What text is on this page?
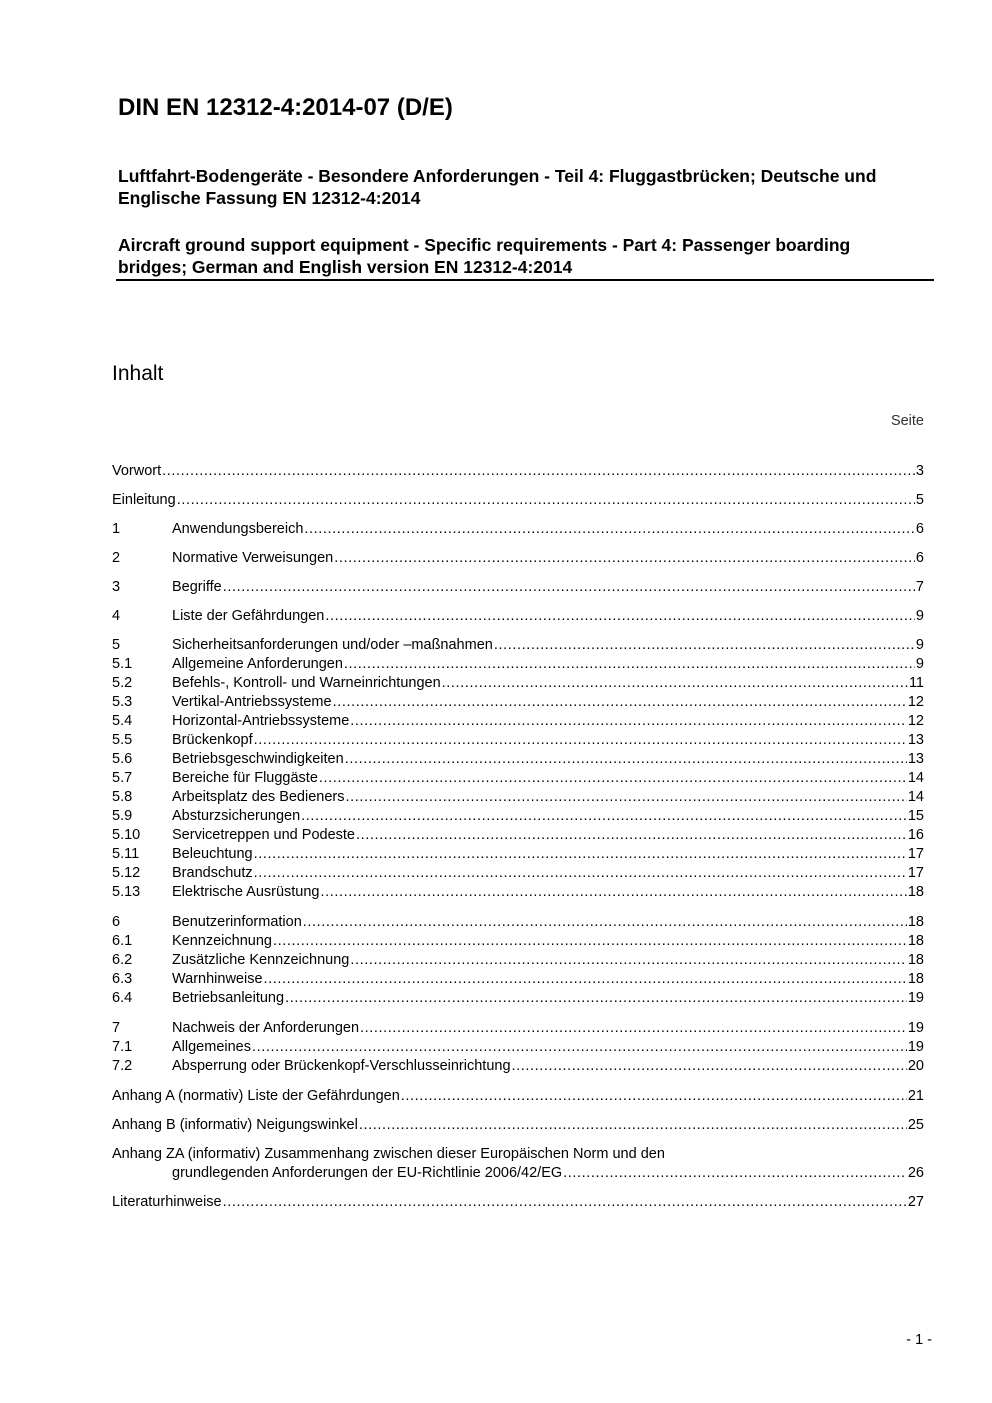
DIN EN 12312-4:2014-07 (D/E)
Luftfahrt-Bodengeräte - Besondere Anforderungen - Teil 4: Fluggastbrücken; Deutsche und Englische Fassung EN 12312-4:2014
Aircraft ground support equipment - Specific requirements - Part 4: Passenger boarding bridges; German and English version EN 12312-4:2014
Inhalt
Seite
Vorwort .....	3
Einleitung .....	5
1	Anwendungsbereich .....	6
2	Normative Verweisungen .....	6
3	Begriffe .....	7
4	Liste der Gefährdungen .....	9
5	Sicherheitsanforderungen und/oder –maßnahmen .....	9
5.1	Allgemeine Anforderungen .....	9
5.2	Befehls-, Kontroll- und Warneinrichtungen .....	11
5.3	Vertikal-Antriebssysteme .....	12
5.4	Horizontal-Antriebssysteme .....	12
5.5	Brückenkopf .....	13
5.6	Betriebsgeschwindigkeiten .....	13
5.7	Bereiche für Fluggäste .....	14
5.8	Arbeitsplatz des Bedieners .....	14
5.9	Absturzsicherungen .....	15
5.10	Servicetreppen und Podeste .....	16
5.11	Beleuchtung .....	17
5.12	Brandschutz .....	17
5.13	Elektrische Ausrüstung .....	18
6	Benutzerinformation .....	18
6.1	Kennzeichnung .....	18
6.2	Zusätzliche Kennzeichnung .....	18
6.3	Warnhinweise .....	18
6.4	Betriebsanleitung .....	19
7	Nachweis der Anforderungen .....	19
7.1	Allgemeines .....	19
7.2	Absperrung oder Brückenkopf-Verschlusseinrichtung .....	20
Anhang A (normativ) Liste der Gefährdungen .....	21
Anhang B (informativ) Neigungswinkel .....	25
Anhang ZA (informativ) Zusammenhang zwischen dieser Europäischen Norm und den
grundlegenden Anforderungen der EU-Richtlinie 2006/42/EG .....	26
Literaturhinweise .....	27
- 1 -
